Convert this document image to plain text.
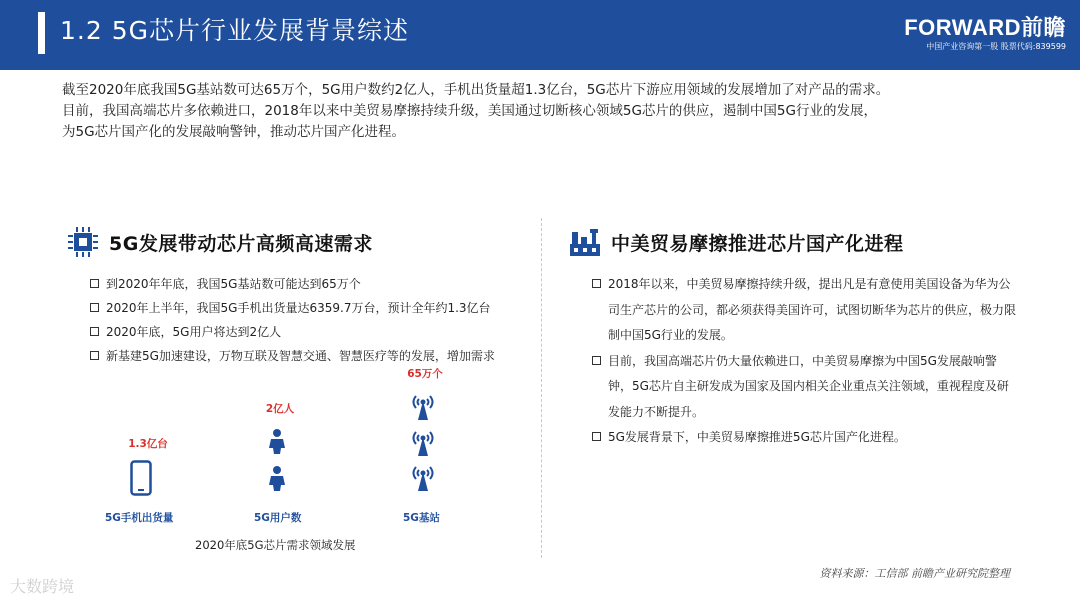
1.2 5G芯片行业发展背景综述	FORWARD前瞻
中国产业咨询第一股 股票代码:839599

截至2020年底我国5G基站数可达65万个，5G用户数约2亿人，手机出货量超1.3亿台，5G芯片下游应用领域的发展增加了对产品的需求。

目前，我国高端芯片多依赖进口，2018年以来中美贸易摩擦持续升级，美国通过切断核心领域5G芯片的供应，遏制中国5G行业的发展，

为5G芯片国产化的发展敲响警钟，推动芯片国产化进程。

5G发展带动芯片高频高速需求
到2020年年底，我国5G基站数可能达到65万个
2020年上半年，我国5G手机出货量达6359.7万台，预计全年约1.3亿台
2020年底，5G用户将达到2亿人
新基建5G加速建设，万物互联及智慧交通、智慧医疗等的发展，增加需求
中美贸易摩擦推进芯片国产化进程
2018年以来，中美贸易摩擦持续升级，提出凡是有意使用美国设备为华为公司生产芯片的公司，都必须获得美国许可，试图切断华为芯片的供应，极力限制中国5G行业的发展。
目前，我国高端芯片仍大量依赖进口，中美贸易摩擦为中国5G发展敲响警钟，5G芯片自主研发成为国家及国内相关企业重点关注领域，重视程度及研发能力不断提升。
5G发展背景下，中美贸易摩擦推进5G芯片国产化进程。
1.3亿台
5G手机出货量
2亿人
5G用户数
65万个
5G基站
2020年底5G芯片需求领域发展
资料来源：工信部 前瞻产业研究院整理
大数跨境
